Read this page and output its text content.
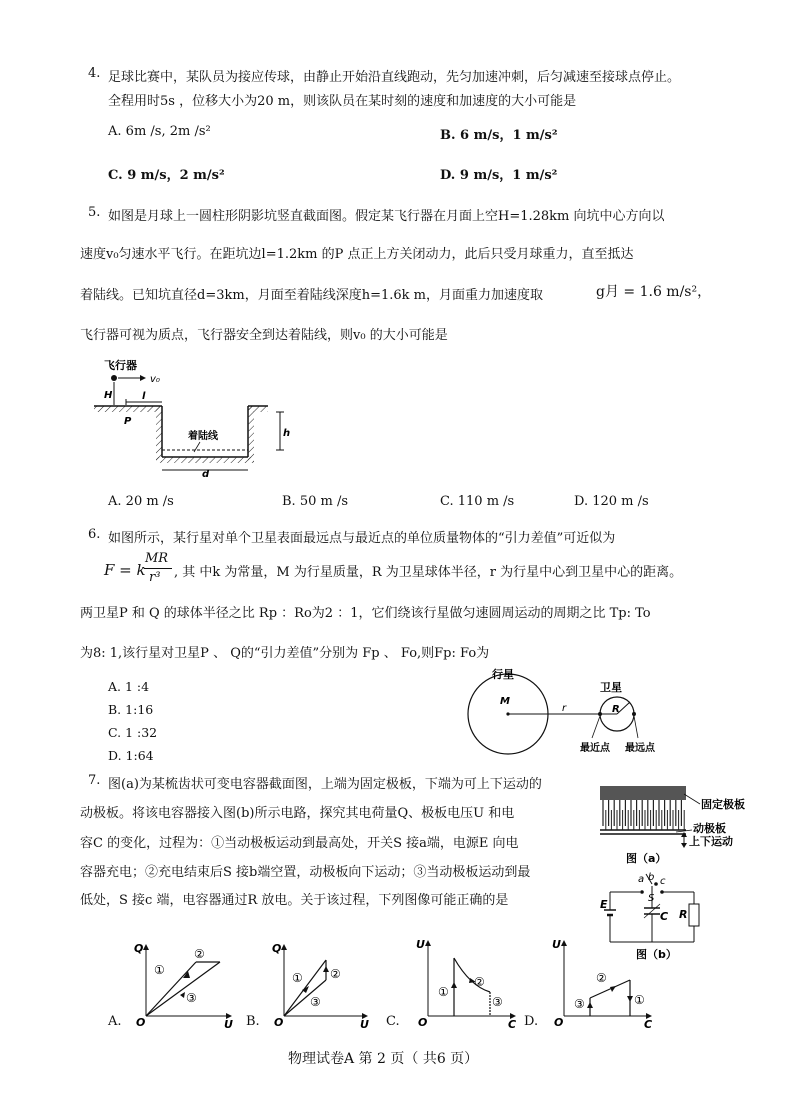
4. 足球比赛中，某队员为接应传球，由静止开始沿直线跑动，先匀加速冲刺，后匀减速至接球点停止。
全程用时5s ，位移大小为20 m，则该队员在某时刻的速度和加速度的大小可能是
A. 6m /s, 2m /s²	B. 6 m/s，1 m/s²
C. 9 m/s，2 m/s²	D. 9 m/s，1 m/s²
5. 如图是月球上一圆柱形阴影坑竖直截面图。假定某飞行器在月面上空H=1.28km 向坑中心方向以
速度v₀匀速水平飞行。在距坑边l=1.2km 的P 点正上方关闭动力，此后只受月球重力，直至抵达
着陆线。已知坑直径d=3km，月面至着陆线深度h=1.6k m，月面重力加速度取	g月 = 1.6 m/s²，
飞行器可视为质点，飞行器安全到达着陆线，则v₀ 的大小可能是
飞行器
v₀
H
P
l
h
着陆线
d
A. 20 m /s	B. 50 m /s	C. 110 m /s	D. 120 m /s
6. 如图所示，某行星对单个卫星表面最远点与最近点的单位质量物体的“引力差值”可近似为
F = k
MR
r³ , 其 中k 为常量，M 为行星质量，R 为卫星球体半径，r 为行星中心到卫星中心的距离。
两卫星P 和 Q 的球体半径之比 Rp ：Ro为2 ：1，它们绕该行星做匀速圆周运动的周期之比 Tp: To
为8: 1,该行星对卫星P 、 Q的“引力差值”分别为 Fp 、 Fo,则Fp: Fo为
A. 1 :4
B. 1:16
C. 1 :32
D. 1:64
行星
M
r
卫星
R
最近点 最远点
7. 图(a)为某梳齿状可变电容器截面图，上端为固定极板，下端为可上下运动的
动极板。将该电容器接入图(b)所示电路，探究其电荷量Q、极板电压U 和电
容C 的变化，过程为：①当动极板运动到最高处，开关S 接a端，电源E 向电
容器充电；②充电结束后S 接b端空置，动极板向下运动；③当动极板运动到最
低处，S 接c 端，电容器通过R 放电。关于该过程，下列图像可能正确的是
固定极板
动极板
上下运动
图（a）
a b c
S
E
C R
图（b）
A.
Q
U
O
①
②
③
B.
Q
U
O
① ②
③
C.
U
C
O
①
②
③
D.
U
C
O
③
②
①
物理试卷A 第 2 页（ 共6 页）
